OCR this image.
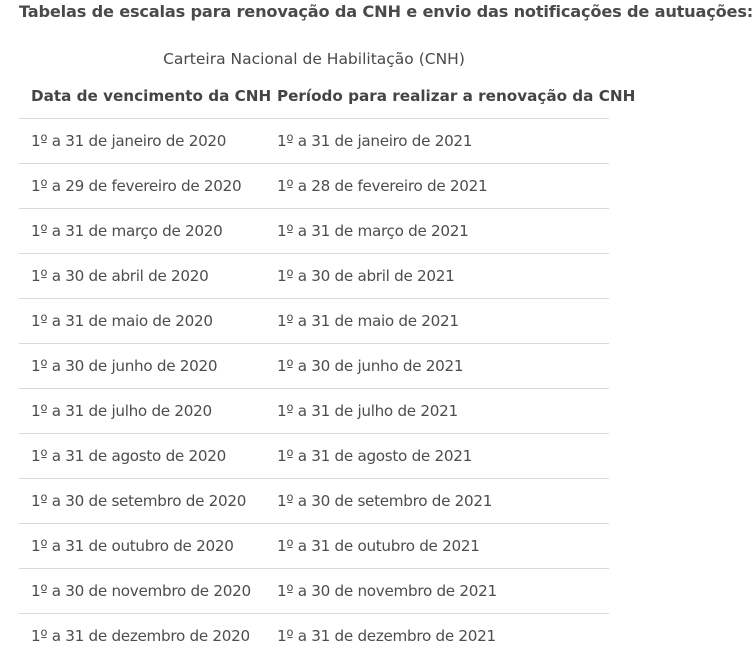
Tabelas de escalas para renovação da CNH e envio das notificações de autuações:
Carteira Nacional de Habilitação (CNH)
Data de vencimento da CNH	Período para realizar a renovação da CNH
1º a 31 de janeiro de 2020	1º a 31 de janeiro de 2021
1º a 29 de fevereiro de 2020	1º a 28 de fevereiro de 2021
1º a 31 de março de 2020	1º a 31 de março de 2021
1º a 30 de abril de 2020	1º a 30 de abril de 2021
1º a 31 de maio de 2020	1º a 31 de maio de 2021
1º a 30 de junho de 2020	1º a 30 de junho de 2021
1º a 31 de julho de 2020	1º a 31 de julho de 2021
1º a 31 de agosto de 2020	1º a 31 de agosto de 2021
1º a 30 de setembro de 2020	1º a 30 de setembro de 2021
1º a 31 de outubro de 2020	1º a 31 de outubro de 2021
1º a 30 de novembro de 2020	1º a 30 de novembro de 2021
1º a 31 de dezembro de 2020	1º a 31 de dezembro de 2021
